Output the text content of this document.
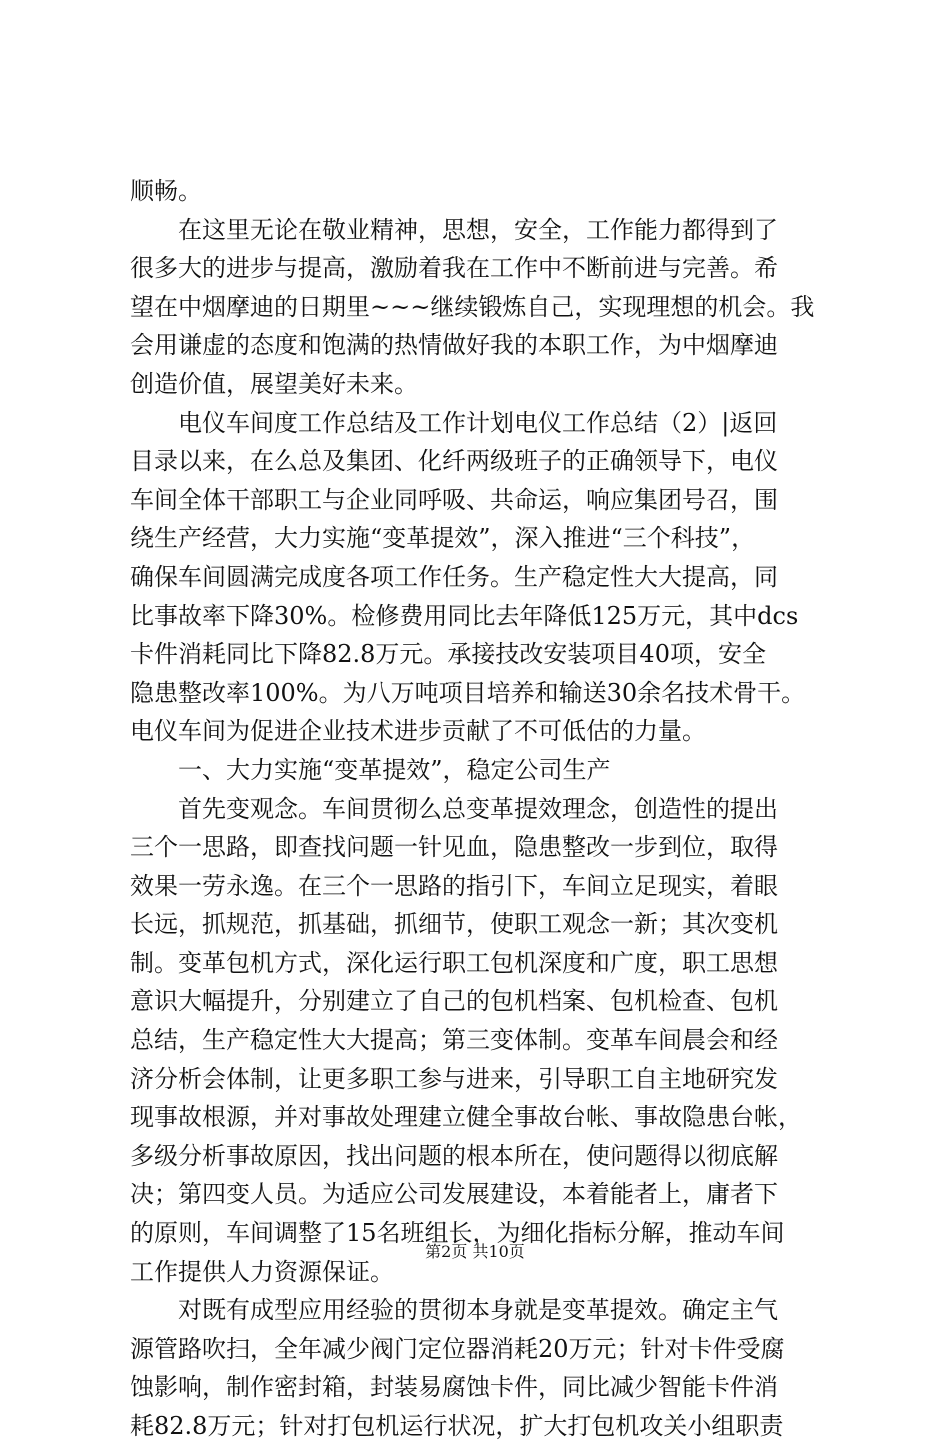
顺畅。
在这里无论在敬业精神，思想，安全，工作能力都得到了
很多大的进步与提高，激励着我在工作中不断前进与完善。希
望在中烟摩迪的日期里~~~继续锻炼自己，实现理想的机会。我
会用谦虚的态度和饱满的热情做好我的本职工作，为中烟摩迪
创造价值，展望美好未来。
电仪车间度工作总结及工作计划电仪工作总结（2）|返回
目录以来，在么总及集团、化纤两级班子的正确领导下，电仪
车间全体干部职工与企业同呼吸、共命运，响应集团号召，围
绕生产经营，大力实施“变革提效”，深入推进“三个科技”，
确保车间圆满完成度各项工作任务。生产稳定性大大提高，同
比事故率下降30%。检修费用同比去年降低125万元，其中dcs
卡件消耗同比下降82.8万元。承接技改安装项目40项，安全
隐患整改率100%。为八万吨项目培养和输送30余名技术骨干。
电仪车间为促进企业技术进步贡献了不可低估的力量。
一、大力实施“变革提效”，稳定公司生产
首先变观念。车间贯彻么总变革提效理念，创造性的提出
三个一思路，即查找问题一针见血，隐患整改一步到位，取得
效果一劳永逸。在三个一思路的指引下，车间立足现实，着眼
长远，抓规范，抓基础，抓细节，使职工观念一新；其次变机
制。变革包机方式，深化运行职工包机深度和广度，职工思想
意识大幅提升，分别建立了自己的包机档案、包机检查、包机
总结，生产稳定性大大提高；第三变体制。变革车间晨会和经
济分析会体制，让更多职工参与进来，引导职工自主地研究发
现事故根源，并对事故处理建立健全事故台帐、事故隐患台帐，
多级分析事故原因，找出问题的根本所在，使问题得以彻底解
决；第四变人员。为适应公司发展建设，本着能者上，庸者下
的原则，车间调整了15名班组长，为细化指标分解，推动车间
工作提供人力资源保证。
对既有成型应用经验的贯彻本身就是变革提效。确定主气
源管路吹扫，全年减少阀门定位器消耗20万元；针对卡件受腐
蚀影响，制作密封箱，封装易腐蚀卡件，同比减少智能卡件消
耗82.8万元；针对打包机运行状况，扩大打包机攻关小组职责
第2页 共10页
